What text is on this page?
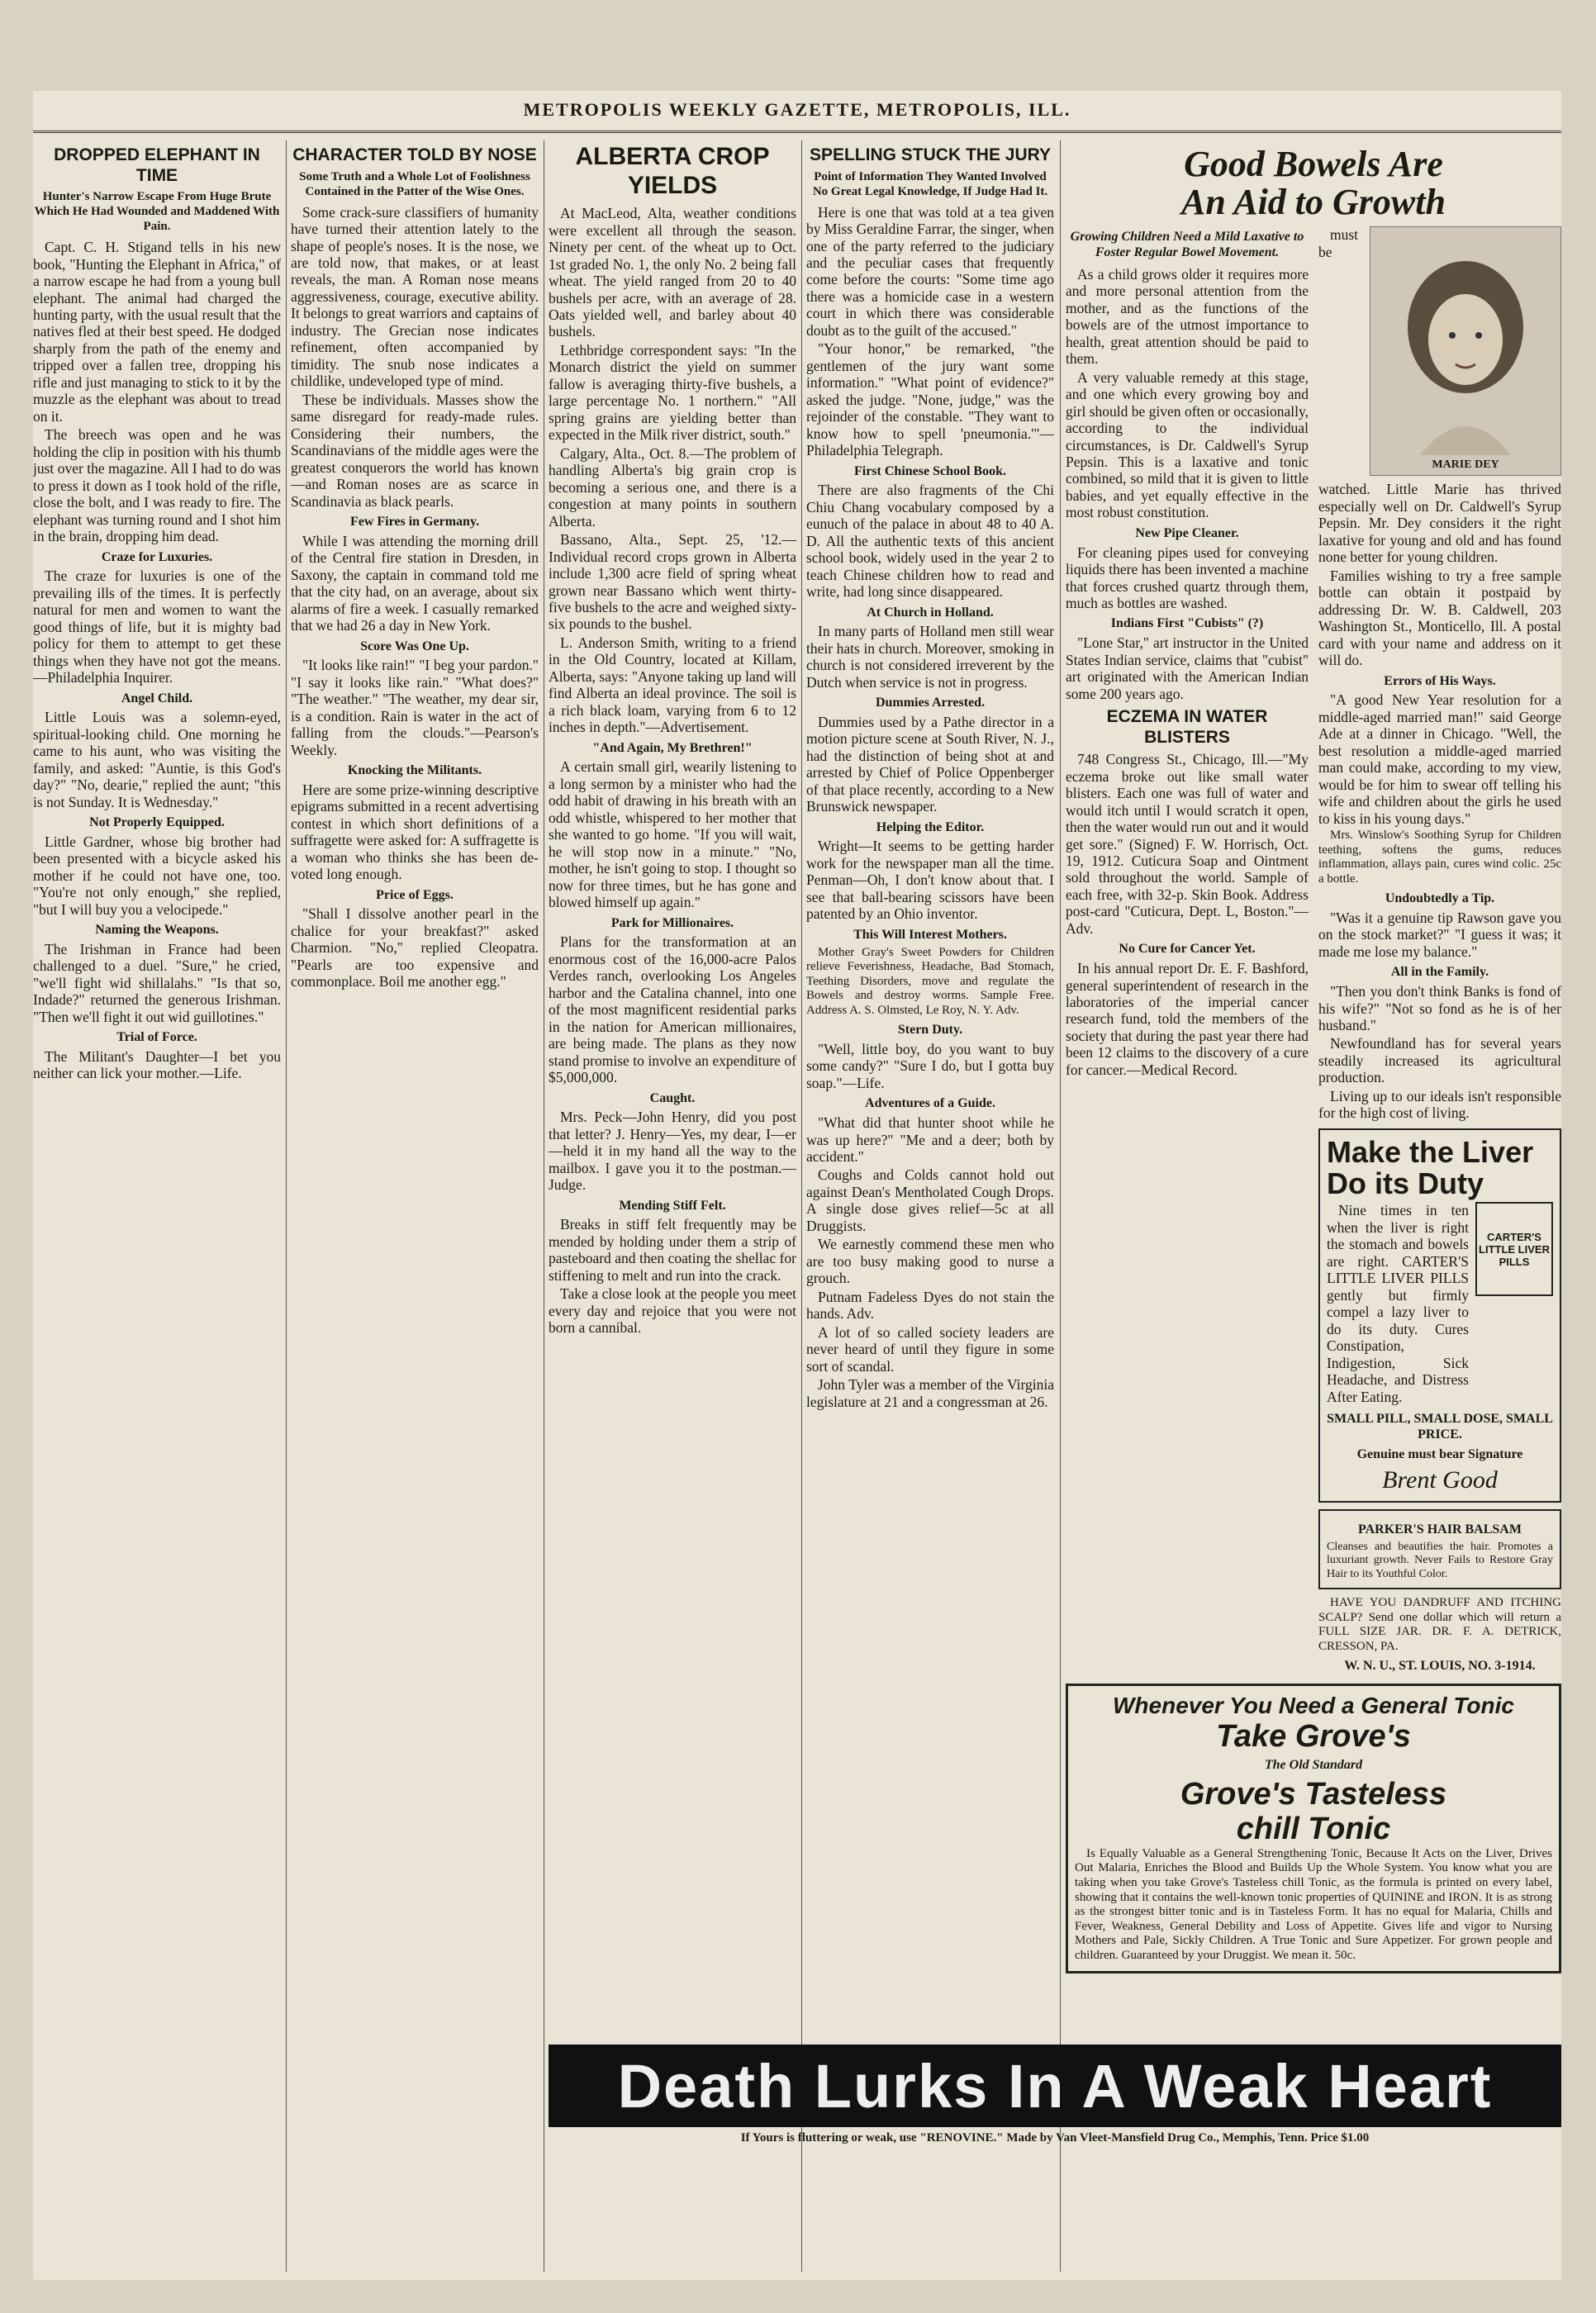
METROPOLIS WEEKLY GAZETTE, METROPOLIS, ILL.
DROPPED ELEPHANT IN TIME
Hunter's Narrow Escape From Huge Brute Which He Had Wounded and Maddened With Pain.

Capt. C. H. Stigand tells in his new book, "Hunting the Elephant in Africa," of a narrow escape he had from a young bull elephant. The animal had charged the hunting party, with the usual result that the natives fled at their best speed. He dodged sharply from the path of the enemy and tripped over a fallen tree, dropping his rifle and just managing to stick to it by the muzzle as the elephant was about to tread on it.

The breech was open and he was holding the clip in position with his thumb just over the magazine. All I had to do was to press it down as I took hold of the rifle, close the bolt, and I was ready to fire. The elephant was turning round and I shot him in the brain, dropping him dead.

Craze for Luxuries.

The craze for luxuries is one of the prevailing ills of the times. It is perfectly natural for men and women to want the good things of life, but it is mighty bad policy for them to attempt to get these things when they have not got the means.—Philadelphia Inquirer.

Angel Child.

Little Louis was a solemn-eyed, spiritual-looking child. One morning he came to his aunt, who was visiting the family, and asked: "Auntie, is this God's day?" "No, dearie," replied the aunt; "this is not Sunday. It is Wednesday."

Not Properly Equipped.

Little Gardner, whose big brother had been presented with a bicycle asked his mother if he could not have one, too. "You're not only enough," she replied, "but I will buy you a velocipede."

Naming the Weapons.

The Irishman in France had been challenged to a duel. "Sure," he cried, "we'll fight wid shillalahs." "Is that so, Indade?" returned the generous Irishman. "Then we'll fight it out wid guillotines."

Trial of Force.

The Militant's Daughter—I bet you neither can lick your mother.—Life.

CHARACTER TOLD BY NOSE
Some Truth and a Whole Lot of Foolishness Contained in the Patter of the Wise Ones.

Some crack-sure classifiers of humanity have turned their attention lately to the shape of people's noses. It is the nose, we are told now, that makes, or at least reveals, the man. A Roman nose means aggressiveness, courage, executive ability. It belongs to great warriors and captains of industry. The Grecian nose indicates refinement, often accompanied by timidity. The snub nose indicates a childlike, undeveloped type of mind.

These be individuals. Masses show the same disregard for ready-made rules. Considering their numbers, the Scandinavians of the middle ages were the greatest conquerors the world has known—and Roman noses are as scarce in Scandinavia as black pearls.

Few Fires in Germany.

While I was attending the morning drill of the Central fire station in Dresden, in Saxony, the captain in command told me that the city had, on an average, about six alarms of fire a week. I casually remarked that we had 26 a day in New York.

Score Was One Up.

"It looks like rain!" "I beg your pardon." "I say it looks like rain." "What does?" "The weather." "The weather, my dear sir, is a condition. Rain is water in the act of falling from the clouds."—Pearson's Weekly.

Knocking the Militants.

Here are some prize-winning descriptive epigrams submitted in a recent advertising contest in which short definitions of a suffragette were asked for: A suffragette is a woman who thinks she has been de-voted long enough.

Price of Eggs.

"Shall I dissolve another pearl in the chalice for your breakfast?" asked Charmion. "No," replied Cleopatra. "Pearls are too expensive and commonplace. Boil me another egg."

ALBERTA CROP YIELDS

At MacLeod, Alta, weather conditions were excellent all through the season. Ninety per cent. of the wheat up to Oct. 1st graded No. 1, the only No. 2 being fall wheat. The yield ranged from 20 to 40 bushels per acre, with an average of 28. Oats yielded well, and barley about 40 bushels.

Lethbridge correspondent says: "In the Monarch district the yield on summer fallow is averaging thirty-five bushels, a large percentage No. 1 northern." "All spring grains are yielding better than expected in the Milk river district, south."

Calgary, Alta., Oct. 8.—The problem of handling Alberta's big grain crop is becoming a serious one, and there is a congestion at many points in southern Alberta.

Bassano, Alta., Sept. 25, '12.—Individual record crops grown in Alberta include 1,300 acre field of spring wheat grown near Bassano which went thirty-five bushels to the acre and weighed sixty-six pounds to the bushel.

L. Anderson Smith, writing to a friend in the Old Country, located at Killam, Alberta, says: "Anyone taking up land will find Alberta an ideal province. The soil is a rich black loam, varying from 6 to 12 inches in depth."—Advertisement.

"And Again, My Brethren!"

A certain small girl, wearily listening to a long sermon by a minister who had the odd habit of drawing in his breath with an odd whistle, whispered to her mother that she wanted to go home. "If you will wait, he will stop now in a minute." "No, mother, he isn't going to stop. I thought so now for three times, but he has gone and blowed himself up again."

Park for Millionaires.

Plans for the transformation at an enormous cost of the 16,000-acre Palos Verdes ranch, overlooking Los Angeles harbor and the Catalina channel, into one of the most magnificent residential parks in the nation for American millionaires, are being made. The plans as they now stand promise to involve an expenditure of $5,000,000.

Caught.

Mrs. Peck—John Henry, did you post that letter? J. Henry—Yes, my dear, I—er—held it in my hand all the way to the mailbox. I gave you it to the postman.—Judge.

Mending Stiff Felt.

Breaks in stiff felt frequently may be mended by holding under them a strip of pasteboard and then coating the shellac for stiffening to melt and run into the crack.

Take a close look at the people you meet every day and rejoice that you were not born a cannibal.

SPELLING STUCK THE JURY
Point of Information They Wanted Involved No Great Legal Knowledge, If Judge Had It.

Here is one that was told at a tea given by Miss Geraldine Farrar, the singer, when one of the party referred to the judiciary and the peculiar cases that frequently come before the courts: "Some time ago there was a homicide case in a western court in which there was considerable doubt as to the guilt of the accused."

"Your honor," be remarked, "the gentlemen of the jury want some information." "What point of evidence?" asked the judge. "None, judge," was the rejoinder of the constable. "They want to know how to spell 'pneumonia.'"—Philadelphia Telegraph.

First Chinese School Book.

There are also fragments of the Chi Chiu Chang vocabulary composed by a eunuch of the palace in about 48 to 40 A. D. All the authentic texts of this ancient school book, widely used in the year 2 to teach Chinese children how to read and write, had long since disappeared.

At Church in Holland.

In many parts of Holland men still wear their hats in church. Moreover, smoking in church is not considered irreverent by the Dutch when service is not in progress.

Dummies Arrested.

Dummies used by a Pathe director in a motion picture scene at South River, N. J., had the distinction of being shot at and arrested by Chief of Police Oppenberger of that place recently, according to a New Brunswick newspaper.

Helping the Editor.

Wright—It seems to be getting harder work for the newspaper man all the time. Penman—Oh, I don't know about that. I see that ball-bearing scissors have been patented by an Ohio inventor.

This Will Interest Mothers.

Mother Gray's Sweet Powders for Children relieve Feverishness, Headache, Bad Stomach, Teething Disorders, move and regulate the Bowels and destroy worms. Sample Free. Address A. S. Olmsted, Le Roy, N. Y. Adv.

Stern Duty.

"Well, little boy, do you want to buy some candy?" "Sure I do, but I gotta buy soap."—Life.

Adventures of a Guide.

"What did that hunter shoot while he was up here?" "Me and a deer; both by accident."

Coughs and Colds cannot hold out against Dean's Mentholated Cough Drops. A single dose gives relief—5c at all Druggists.

We earnestly commend these men who are too busy making good to nurse a grouch.

Putnam Fadeless Dyes do not stain the hands. Adv.

A lot of so called society leaders are never heard of until they figure in some sort of scandal.

John Tyler was a member of the Virginia legislature at 21 and a congressman at 26.

Good Bowels Are
An Aid to Growth
Growing Children Need a Mild Laxative to Foster Regular Bowel Movement.

As a child grows older it requires more and more personal attention from the mother, and as the functions of the bowels are of the utmost importance to health, great attention should be paid to them.

A very valuable remedy at this stage, and one which every growing boy and girl should be given often or occasionally, according to the individual circumstances, is Dr. Caldwell's Syrup Pepsin. This is a laxative and tonic combined, so mild that it is given to little babies, and yet equally effective in the most robust constitution.

New Pipe Cleaner.

For cleaning pipes used for conveying liquids there has been invented a machine that forces crushed quartz through them, much as bottles are washed.

Indians First "Cubists" (?)

"Lone Star," art instructor in the United States Indian service, claims that "cubist" art originated with the American Indian some 200 years ago.

ECZEMA IN WATER BLISTERS

748 Congress St., Chicago, Ill.—"My eczema broke out like small water blisters. Each one was full of water and would itch until I would scratch it open, then the water would run out and it would get sore." (Signed) F. W. Horrisch, Oct. 19, 1912. Cuticura Soap and Ointment sold throughout the world. Sample of each free, with 32-p. Skin Book. Address post-card "Cuticura, Dept. L, Boston."—Adv.

No Cure for Cancer Yet.

In his annual report Dr. E. F. Bashford, general superintendent of research in the laboratories of the imperial cancer research fund, told the members of the society that during the past year there had been 12 claims to the discovery of a cure for cancer.—Medical Record.

MARIE DEY

must be watched. Little Marie has thrived especially well on Dr. Caldwell's Syrup Pepsin. Mr. Dey considers it the right laxative for young and old and has found none better for young children.

Families wishing to try a free sample bottle can obtain it postpaid by addressing Dr. W. B. Caldwell, 203 Washington St., Monticello, Ill. A postal card with your name and address on it will do.

Errors of His Ways.

"A good New Year resolution for a middle-aged married man!" said George Ade at a dinner in Chicago. "Well, the best resolution a middle-aged married man could make, according to my view, would be for him to swear off telling his wife and children about the girls he used to kiss in his young days."

Mrs. Winslow's Soothing Syrup for Children teething, softens the gums, reduces inflammation, allays pain, cures wind colic. 25c a bottle.

Undoubtedly a Tip.

"Was it a genuine tip Rawson gave you on the stock market?" "I guess it was; it made me lose my balance."

All in the Family.

"Then you don't think Banks is fond of his wife?" "Not so fond as he is of her husband."

Newfoundland has for several years steadily increased its agricultural production.

Living up to our ideals isn't responsible for the high cost of living.

Make the Liver
Do its Duty

Nine times in ten when the liver is right the stomach and bowels are right. CARTER'S LITTLE LIVER PILLS gently but firmly compel a lazy liver to do its duty. Cures Constipation, Indigestion, Sick Headache, and Distress After Eating.

CARTER'S LITTLE LIVER PILLS
SMALL PILL, SMALL DOSE, SMALL PRICE.
Genuine must bear Signature
Brent Good
PARKER'S HAIR BALSAM
Cleanses and beautifies the hair. Promotes a luxuriant growth. Never Fails to Restore Gray Hair to its Youthful Color.

HAVE YOU DANDRUFF AND ITCHING SCALP? Send one dollar which will return a FULL SIZE JAR. DR. F. A. DETRICK, CRESSON, PA.

W. N. U., ST. LOUIS, NO. 3-1914.
Whenever You Need a General Tonic
Take Grove's
The Old Standard
Grove's Tasteless
chill Tonic

Is Equally Valuable as a General Strengthening Tonic, Because It Acts on the Liver, Drives Out Malaria, Enriches the Blood and Builds Up the Whole System. You know what you are taking when you take Grove's Tasteless chill Tonic, as the formula is printed on every label, showing that it contains the well-known tonic properties of QUININE and IRON. It is as strong as the strongest bitter tonic and is in Tasteless Form. It has no equal for Malaria, Chills and Fever, Weakness, General Debility and Loss of Appetite. Gives life and vigor to Nursing Mothers and Pale, Sickly Children. A True Tonic and Sure Appetizer. For grown people and children. Guaranteed by your Druggist. We mean it. 50c.

Death Lurks In A Weak Heart
If Yours is fluttering or weak, use "RENOVINE." Made by Van Vleet-Mansfield Drug Co., Memphis, Tenn. Price $1.00
